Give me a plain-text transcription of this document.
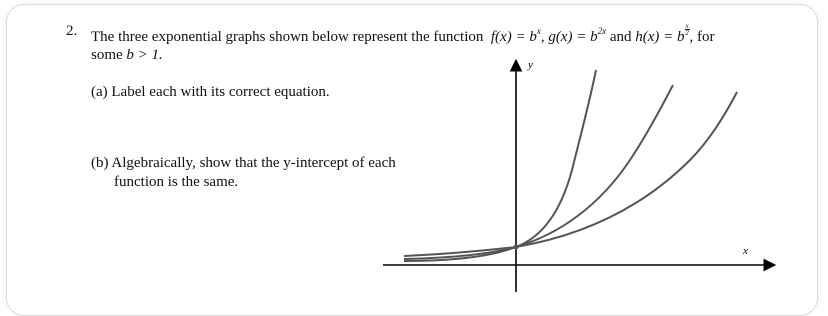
2. The three exponential graphs shown below represent the function $f(x) = b^x$, $g(x) = b^{2x}$ and h(x) = b $\frac{x}{2}$ , for
some b > 1.
(a) Label each with its correct equation.
(b) Algebraically, show that the y-intercept of each
function is the same.
y
x
